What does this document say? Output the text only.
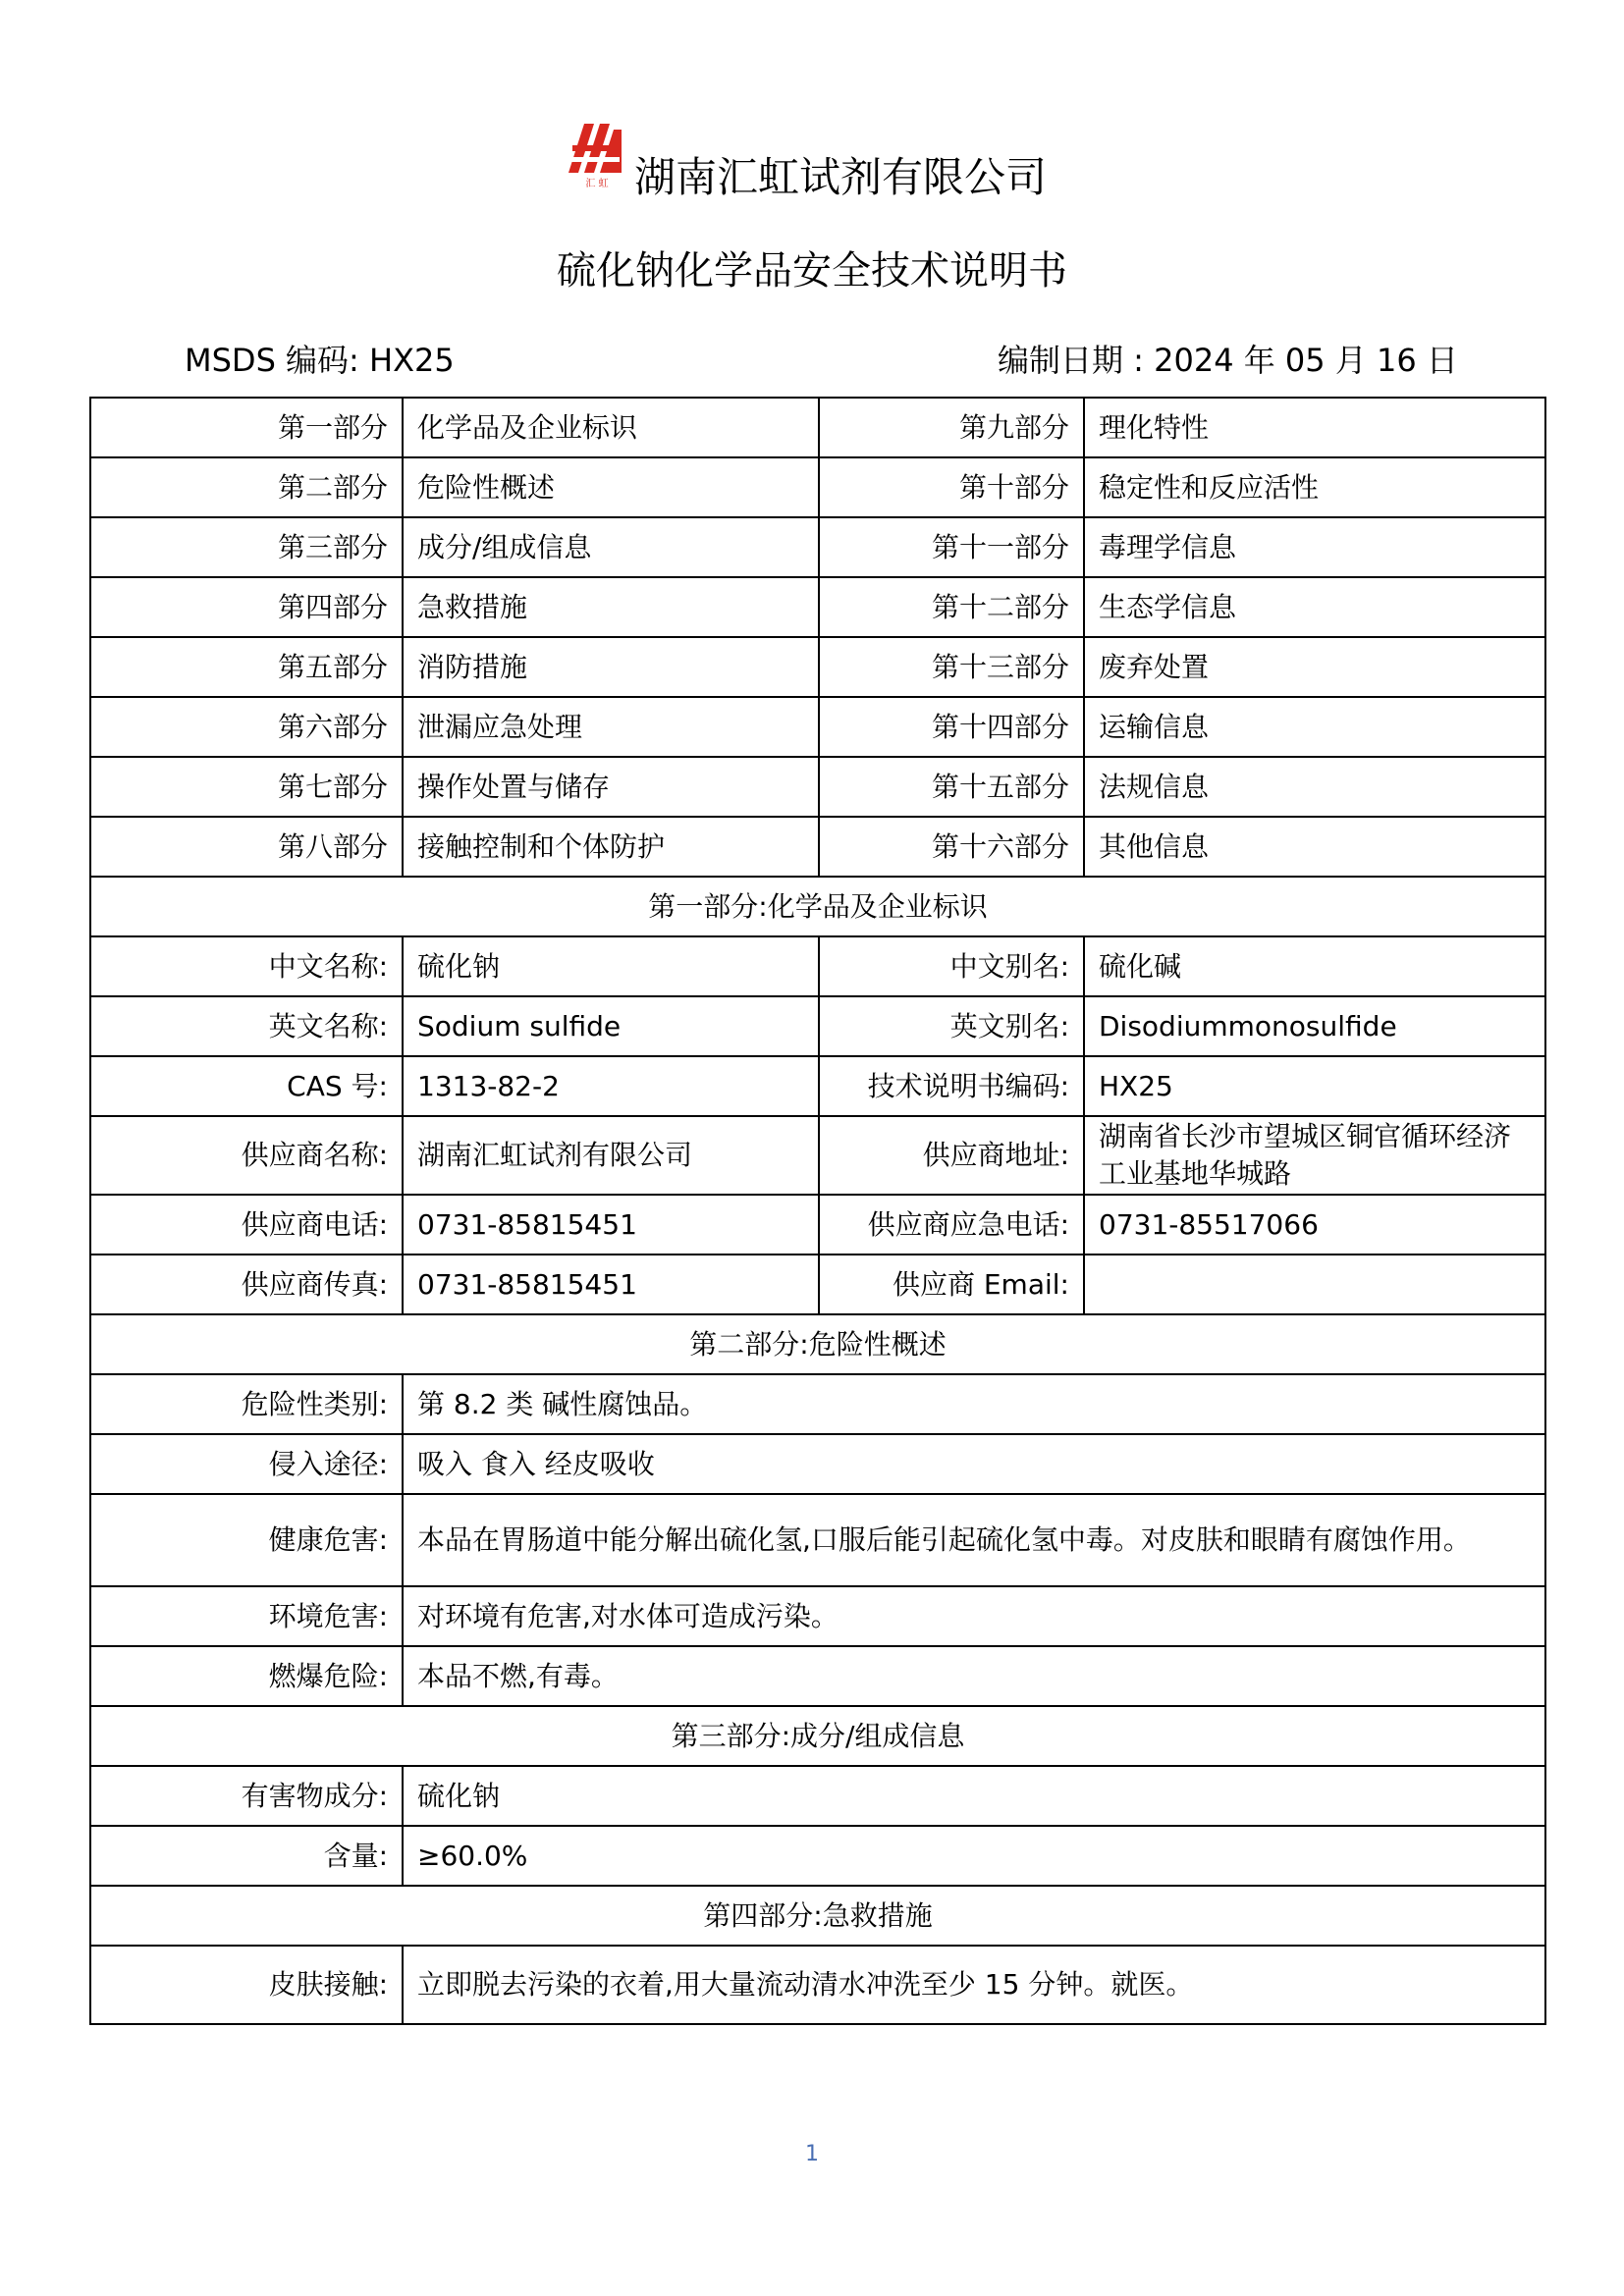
汇 虹 湖南汇虹试剂有限公司
硫化钠化学品安全技术说明书
MSDS 编码: HX25	编制日期 : 2024 年 05 月 16 日
第一部分	化学品及企业标识	第九部分	理化特性
第二部分	危险性概述	第十部分	稳定性和反应活性
第三部分	成分/组成信息	第十一部分	毒理学信息
第四部分	急救措施	第十二部分	生态学信息
第五部分	消防措施	第十三部分	废弃处置
第六部分	泄漏应急处理	第十四部分	运输信息
第七部分	操作处置与储存	第十五部分	法规信息
第八部分	接触控制和个体防护	第十六部分	其他信息
第一部分:化学品及企业标识			
中文名称:	硫化钠	中文别名:	硫化碱
英文名称:	Sodium sulfide	英文别名:	Disodiummonosulfide
CAS 号:	1313-82-2	技术说明书编码:	HX25
供应商名称:	湖南汇虹试剂有限公司	供应商地址:	湖南省长沙市望城区铜官循环经济工业基地华城路
供应商电话:	0731-85815451	供应商应急电话:	0731-85517066
供应商传真:	0731-85815451	供应商 Email:	
第二部分:危险性概述			
危险性类别:	第 8.2 类 碱性腐蚀品。		
侵入途径:	吸入 食入 经皮吸收		
健康危害:	本品在胃肠道中能分解出硫化氢,口服后能引起硫化氢中毒。对皮肤和眼睛有腐蚀作用。		
环境危害:	对环境有危害,对水体可造成污染。		
燃爆危险:	本品不燃,有毒。		
第三部分:成分/组成信息			
有害物成分:	硫化钠		
含量:	≥60.0%		
第四部分:急救措施			
皮肤接触:	立即脱去污染的衣着,用大量流动清水冲洗至少 15 分钟。就医。		
1
